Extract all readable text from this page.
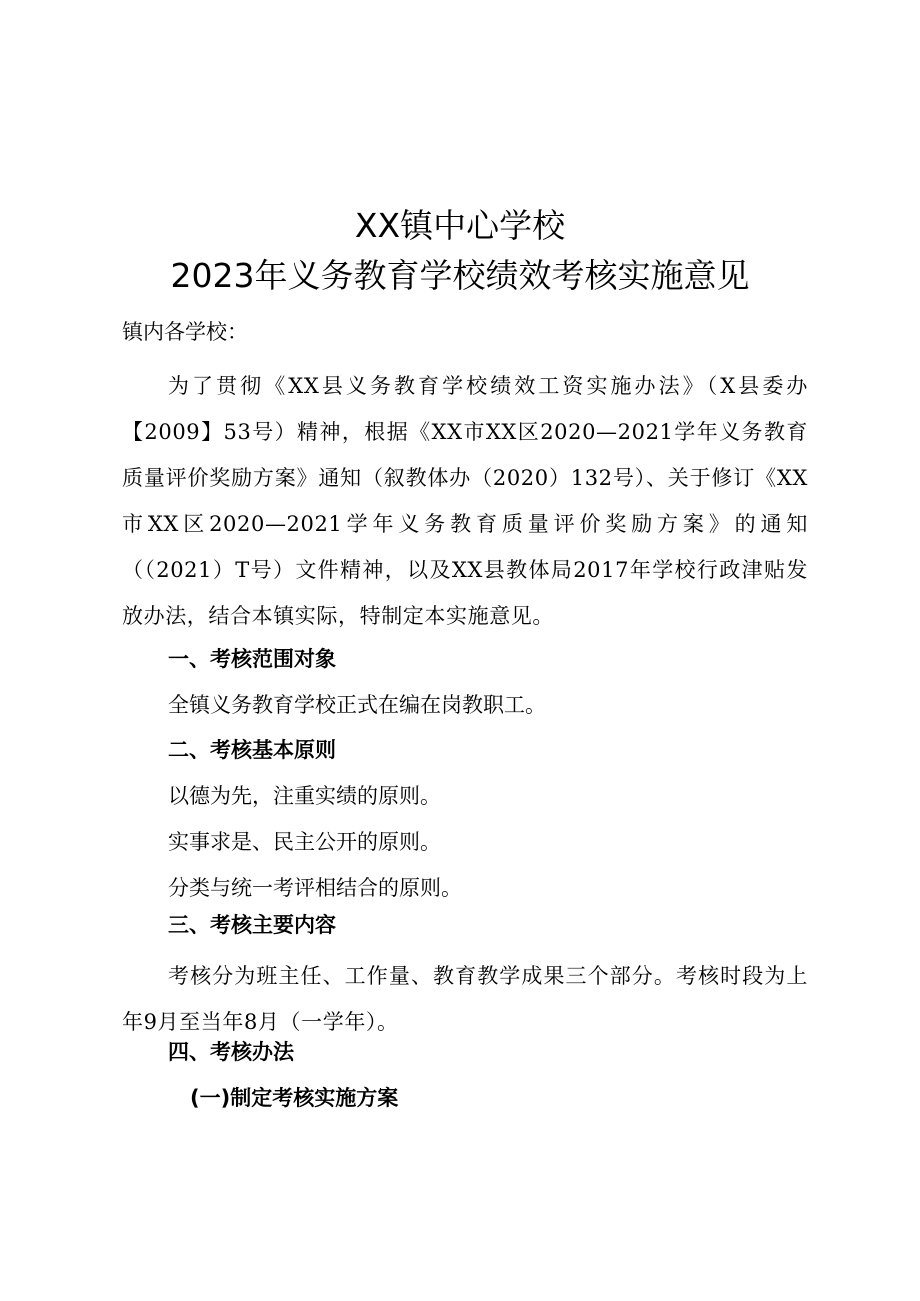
XX镇中心学校
2023年义务教育学校绩效考核实施意见
镇内各学校：

为了贯彻《XX县义务教育学校绩效工资实施办法》（X县委办【2009】53号）精神，根据《XX市XX区2020—2021学年义务教育质量评价奖励方案》通知（叙教体办（2020）132号）、关于修订《XX市XX区2020—2021学年义务教育质量评价奖励方案》的通知（（2021）T号）文件精神，以及XX县教体局2017年学校行政津贴发放办法，结合本镇实际，特制定本实施意见。

一、考核范围对象
全镇义务教育学校正式在编在岗教职工。
二、考核基本原则
以德为先，注重实绩的原则。
实事求是、民主公开的原则。
分类与统一考评相结合的原则。
三、考核主要内容

考核分为班主任、工作量、教育教学成果三个部分。考核时段为上年9月至当年8月（一学年）。

四、考核办法
(一)制定考核实施方案
